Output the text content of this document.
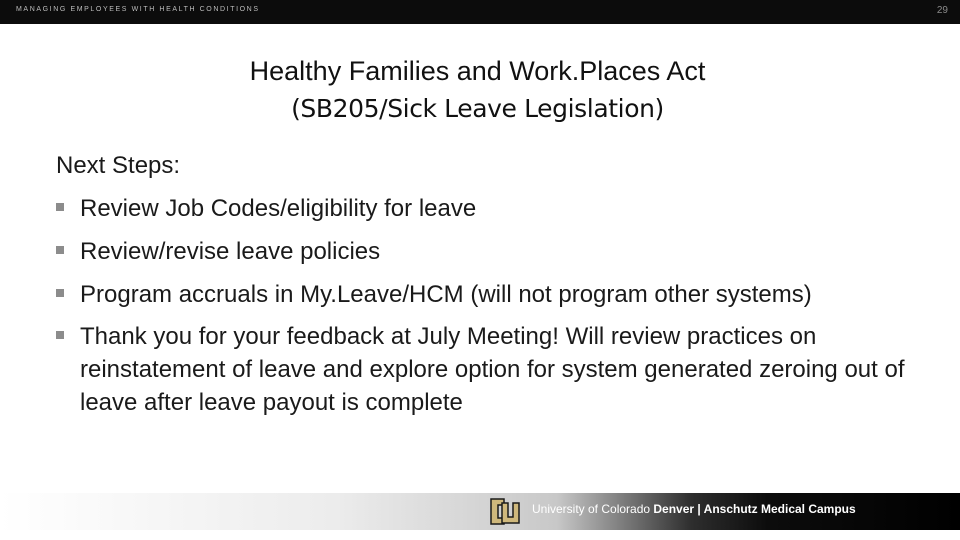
MANAGING EMPLOYEES WITH HEALTH CONDITIONS	29
Healthy Families and Work.Places Act
(SB205/Sick Leave Legislation)
Next Steps:
Review Job Codes/eligibility for leave
Review/revise leave policies
Program accruals in My.Leave/HCM (will not program other systems)
Thank you for your feedback at July Meeting! Will review practices on reinstatement of leave and explore option for system generated zeroing out of leave after leave payout is complete
University of Colorado Denver | Anschutz Medical Campus
